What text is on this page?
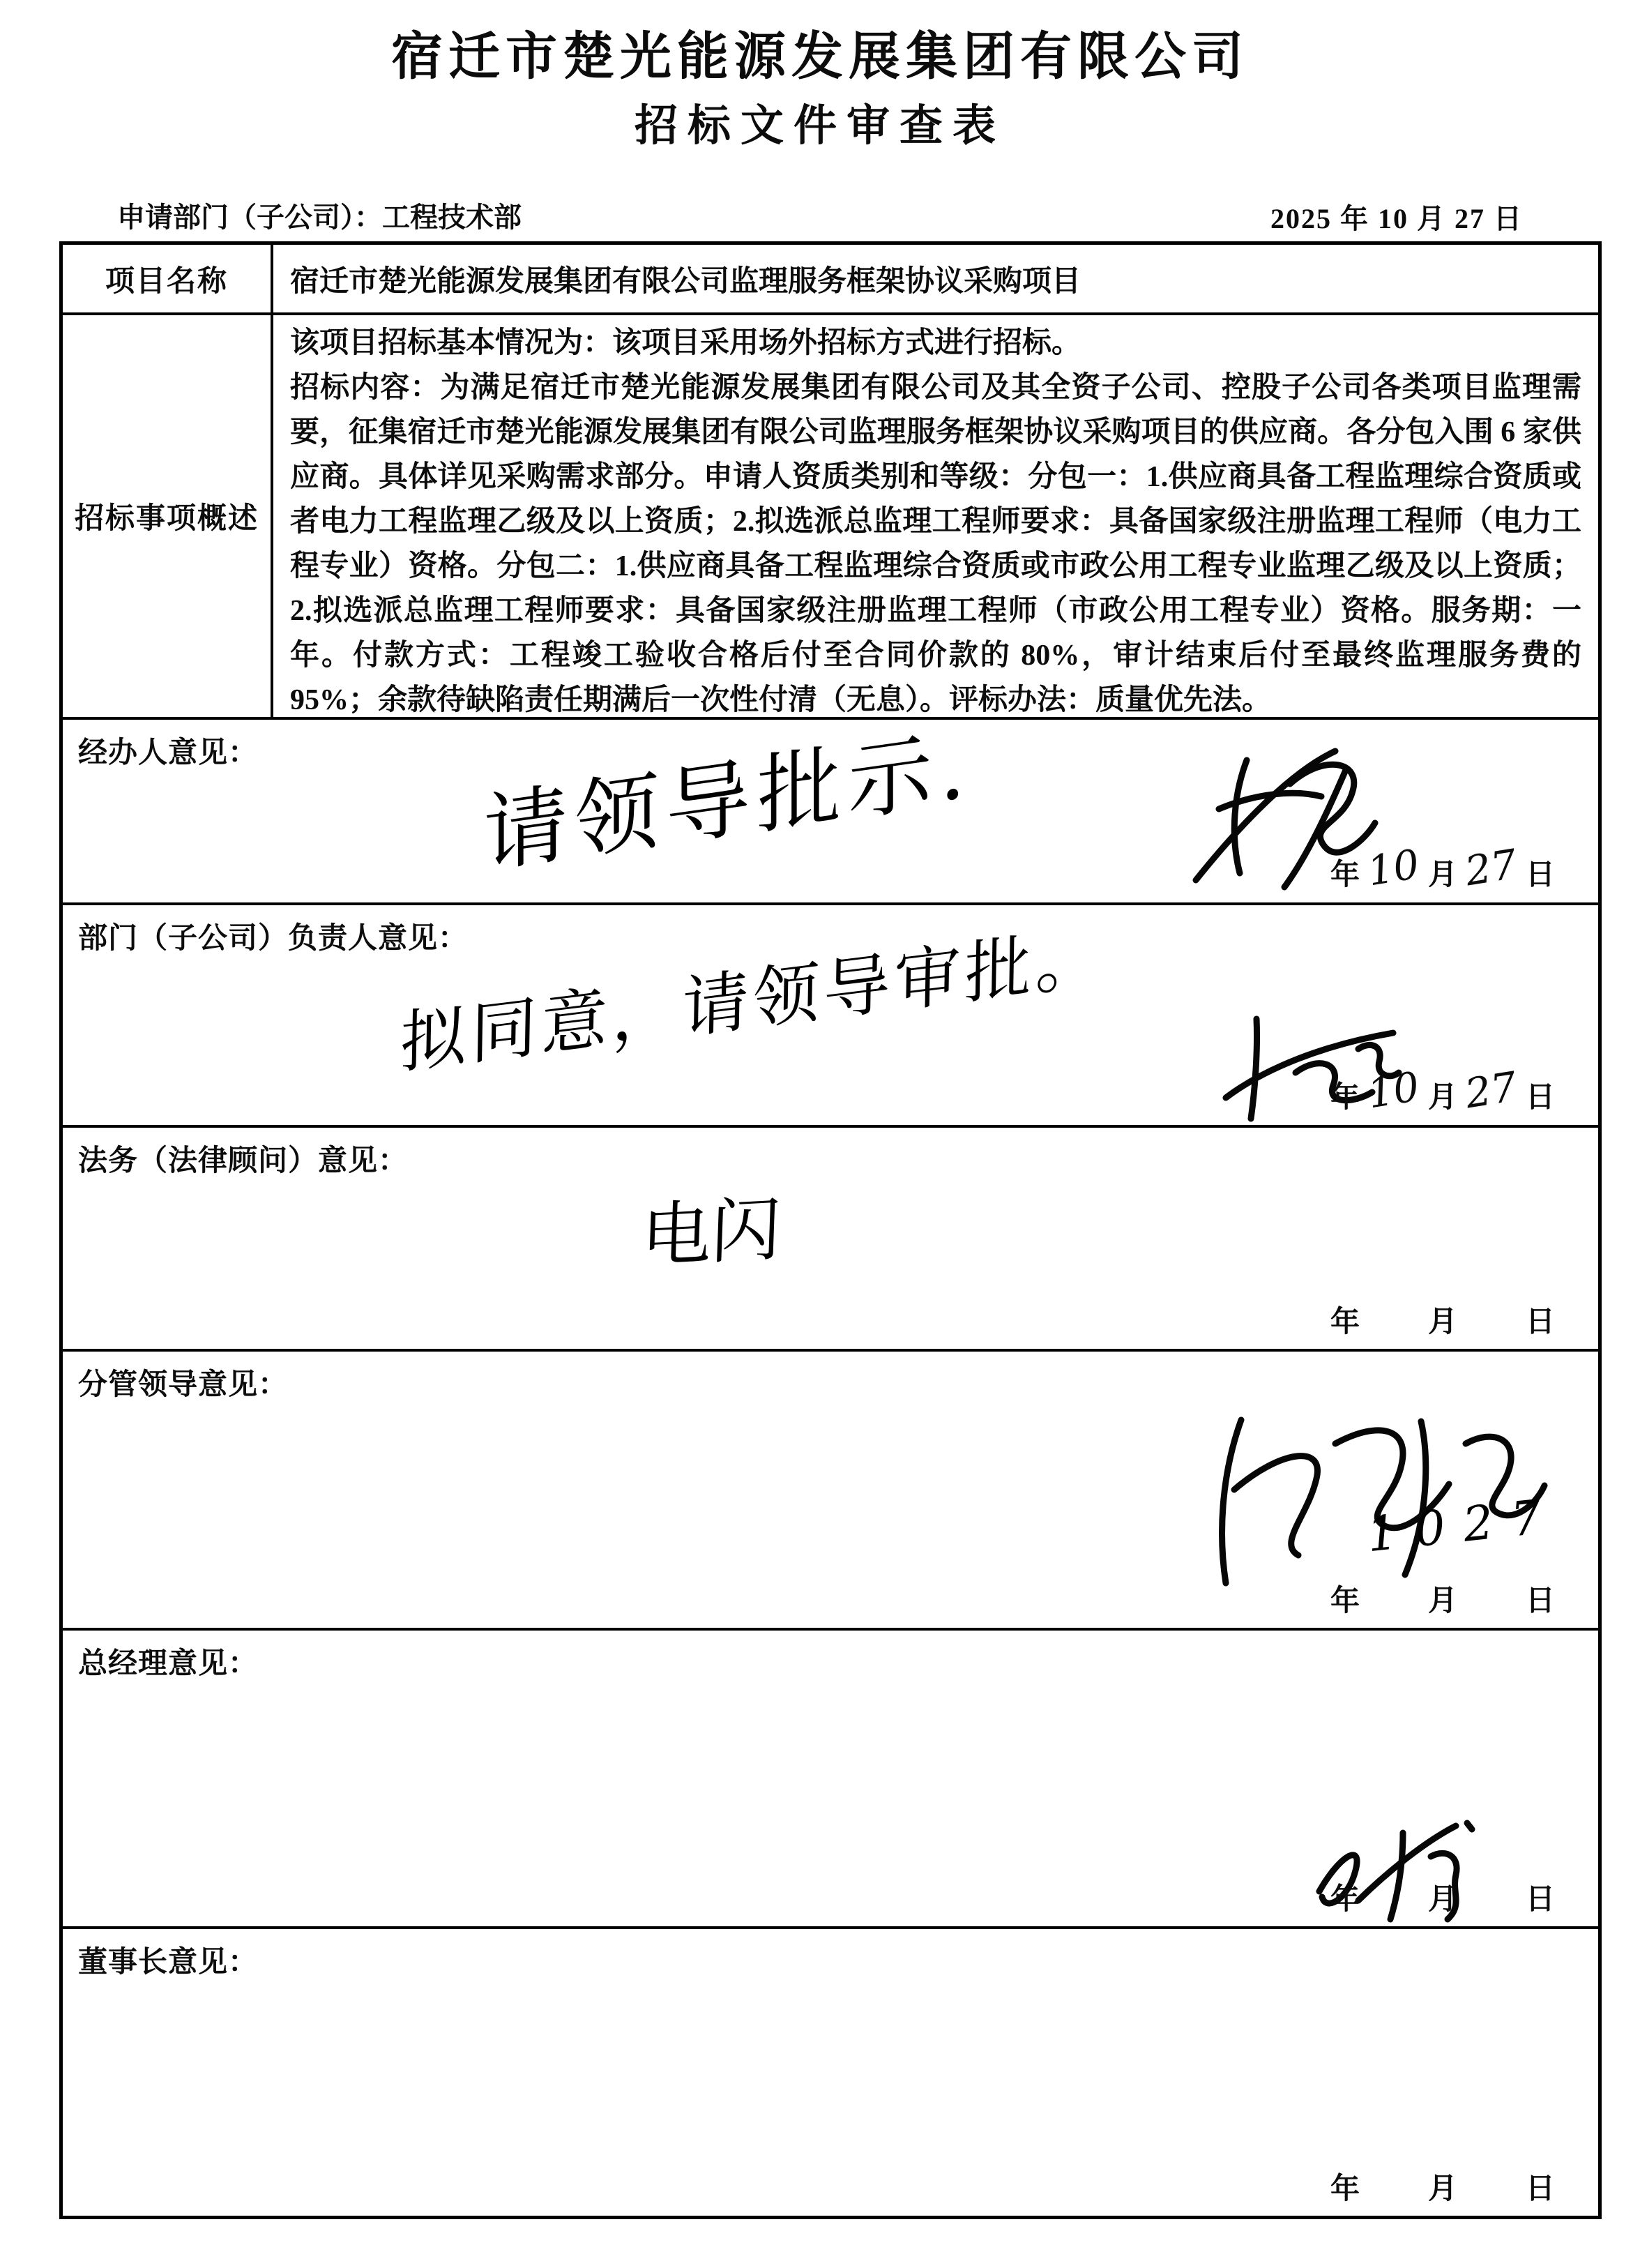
宿迁市楚光能源发展集团有限公司
招标文件审查表
申请部门（子公司）：工程技术部	2025 年 10 月 27 日
项目名称	宿迁市楚光能源发展集团有限公司监理服务框架协议采购项目
招标事项概述

该项目招标基本情况为：该项目采用场外招标方式进行招标。

招标内容：为满足宿迁市楚光能源发展集团有限公司及其全资子公司、控股子公司各类项目监理需要，征集宿迁市楚光能源发展集团有限公司监理服务框架协议采购项目的供应商。各分包入围 6 家供应商。具体详见采购需求部分。申请人资质类别和等级：分包一：1.供应商具备工程监理综合资质或者电力工程监理乙级及以上资质；2.拟选派总监理工程师要求：具备国家级注册监理工程师（电力工程专业）资格。分包二：1.供应商具备工程监理综合资质或市政公用工程专业监理乙级及以上资质；2.拟选派总监理工程师要求：具备国家级注册监理工程师（市政公用工程专业）资格。服务期：一年。付款方式：工程竣工验收合格后付至合同价款的 80%，审计结束后付至最终监理服务费的 95%；余款待缺陷责任期满后一次性付清（无息）。评标办法：质量优先法。

经办人意见：	请领导批示.	年 10 月 27 日
部门（子公司）负责人意见：
拟同意，请领导审批。
年 10 月 27 日
法务（法律顾问）意见：
电闪
年 月 日
分管领导意见：
1027
年 月 日
总经理意见：
年 月 日
董事长意见：
年 月 日
